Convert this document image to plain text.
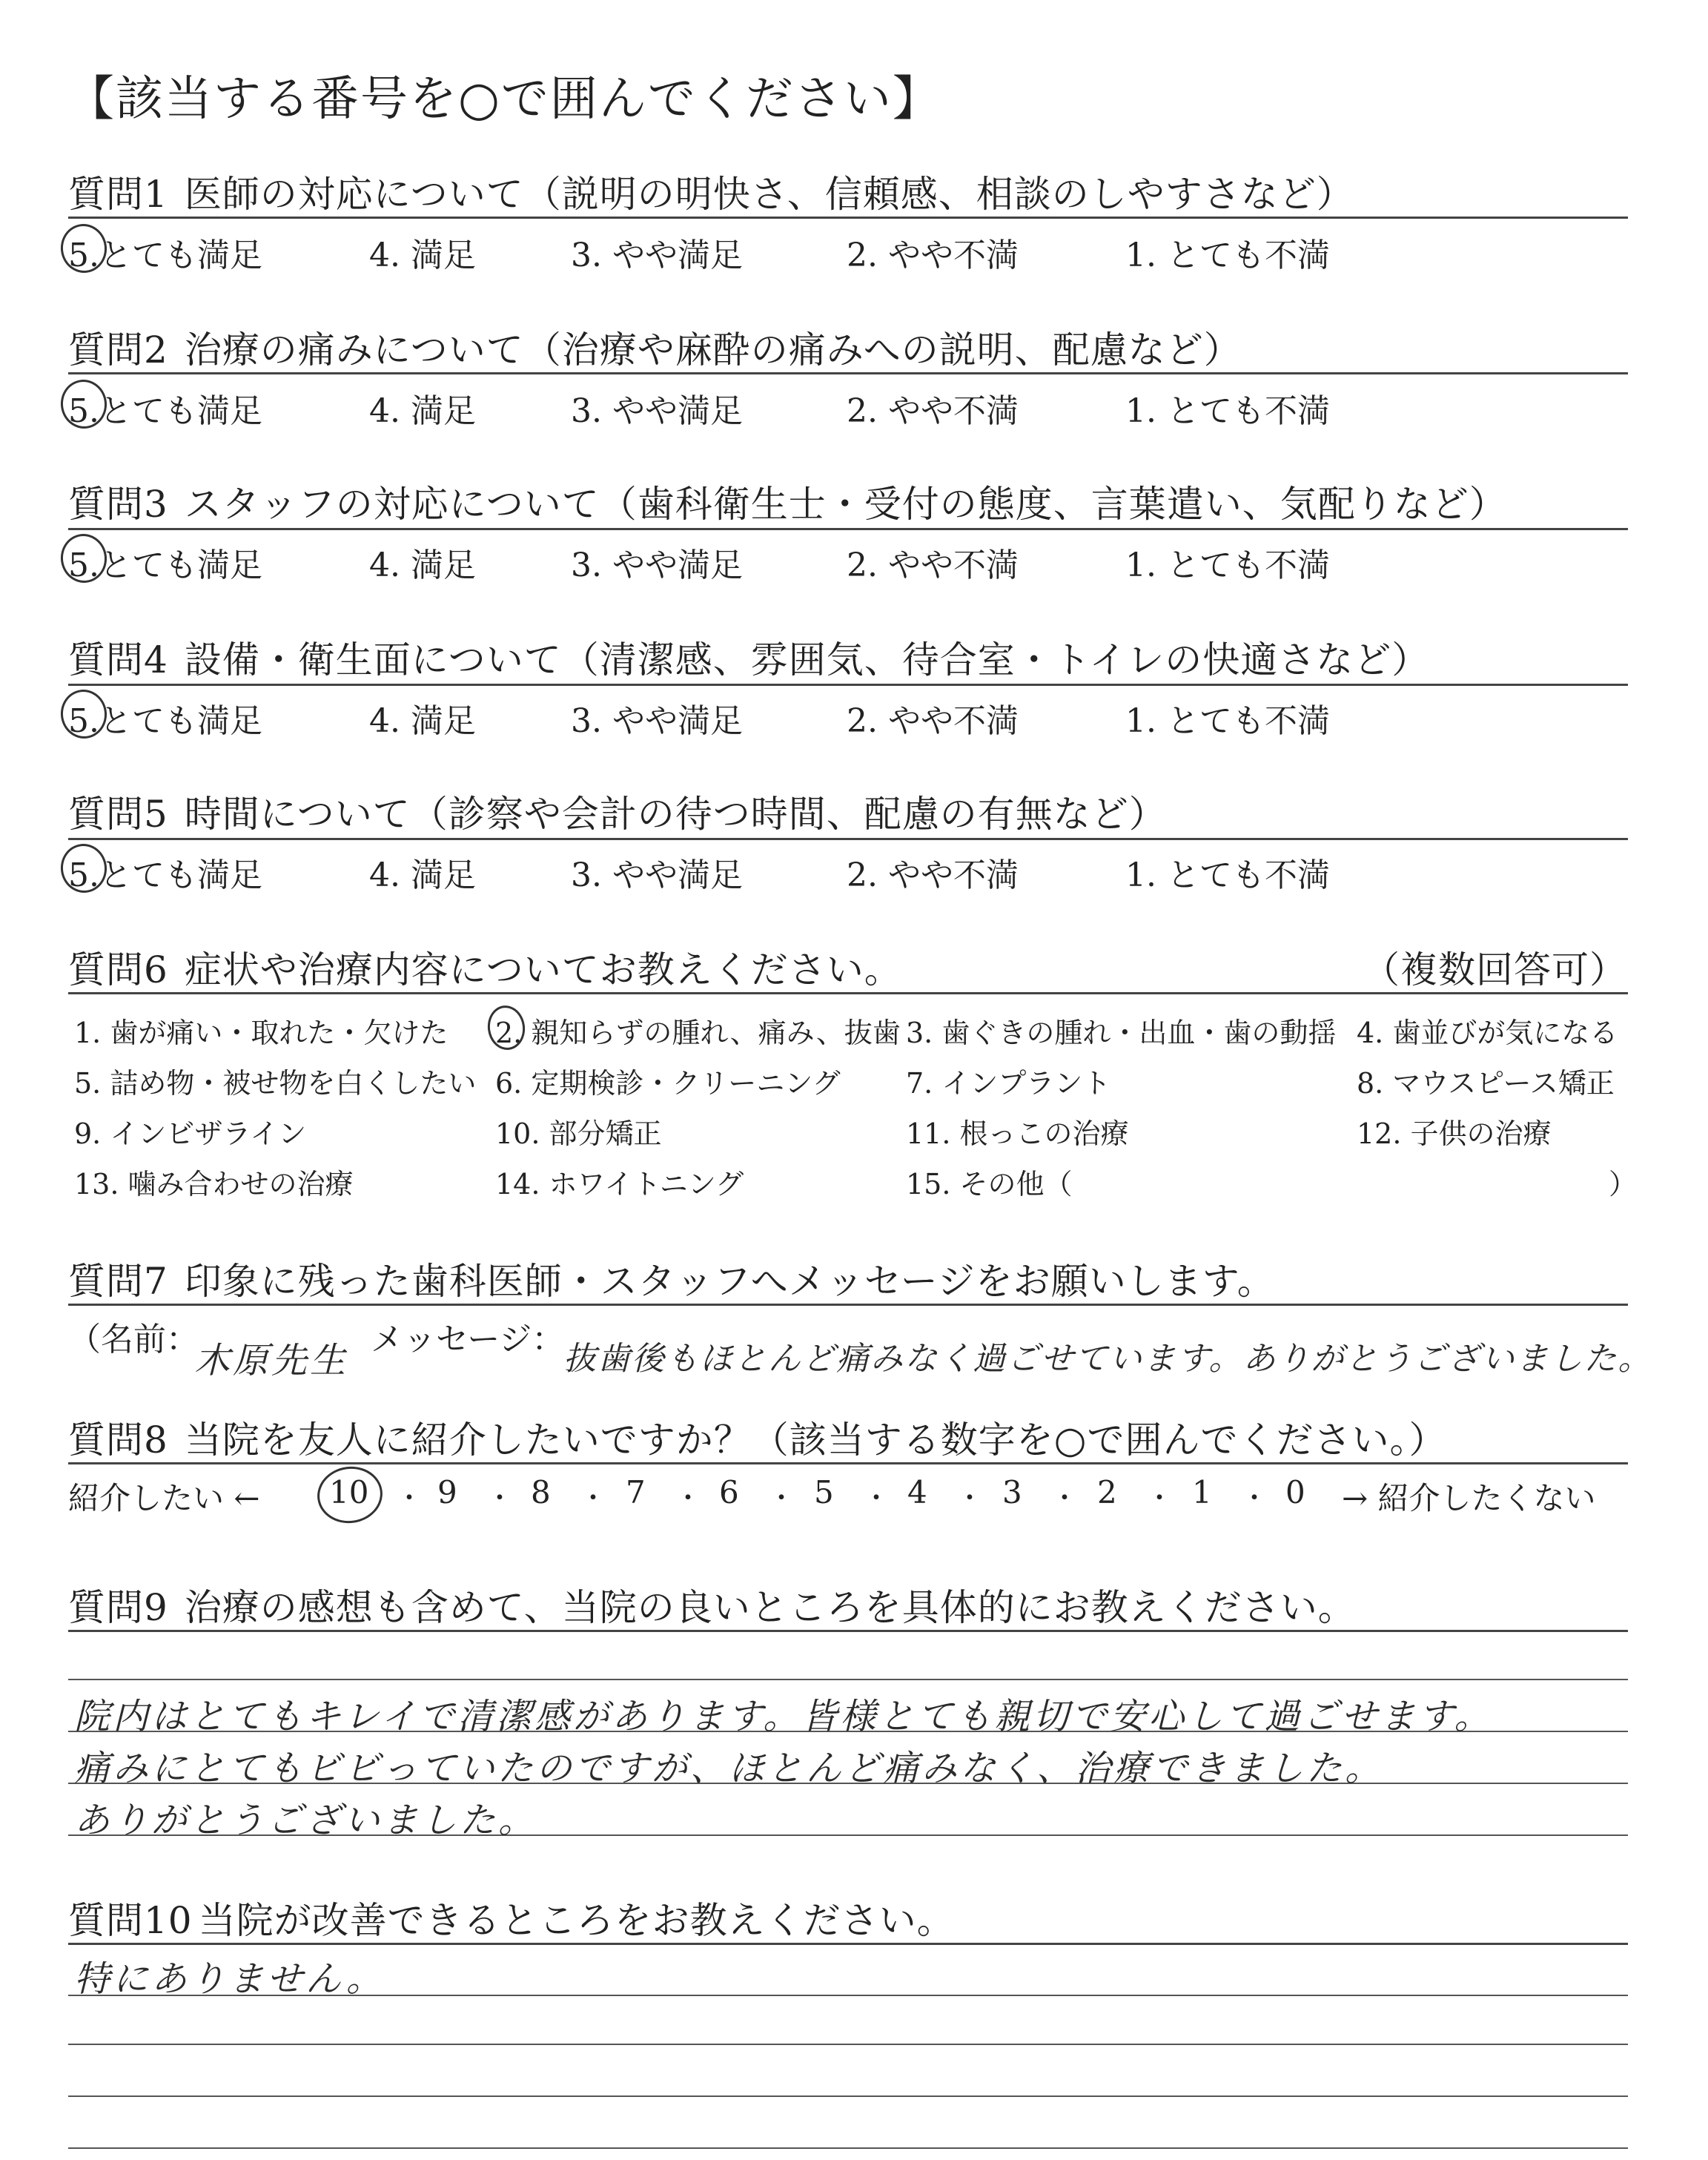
【該当する番号を○で囲んでください】
質問1 医師の対応について（説明の明快さ、信頼感、相談のしやすさなど）
5.とても満足	4. 満足	3. やや満足	2. やや不満	1. とても不満
質問2 治療の痛みについて（治療や麻酔の痛みへの説明、配慮など）
5.とても満足	4. 満足	3. やや満足	2. やや不満	1. とても不満
質問3 スタッフの対応について（歯科衛生士・受付の態度、言葉遣い、気配りなど）
5.とても満足	4. 満足	3. やや満足	2. やや不満	1. とても不満
質問4 設備・衛生面について（清潔感、雰囲気、待合室・トイレの快適さなど）
5.とても満足	4. 満足	3. やや満足	2. やや不満	1. とても不満
質問5 時間について（診察や会計の待つ時間、配慮の有無など）
5.とても満足	4. 満足	3. やや満足	2. やや不満	1. とても不満
質問6 症状や治療内容についてお教えください。	（複数回答可）
1. 歯が痛い・取れた・欠けた 2. 親知らずの腫れ、痛み、抜歯 3. 歯ぐきの腫れ・出血・歯の動揺 4. 歯並びが気になる
5. 詰め物・被せ物を白くしたい 6. 定期検診・クリーニング 7. インプラント	8. マウスピース矯正
9. インビザライン	10. 部分矯正	11. 根っこの治療	12. 子供の治療
13. 噛み合わせの治療	14. ホワイトニング	15. その他（	）
質問7 印象に残った歯科医師・スタッフへメッセージをお願いします。
（名前：
木原先生
メッセージ：
抜歯後もほとんど痛みなく過ごせています。ありがとうございました。
質問8 当院を友人に紹介したいですか？（該当する数字を○で囲んでください。）
紹介したい ← 10 ・ 9 ・ 8 ・ 7 ・ 6 ・ 5 ・ 4 ・ 3 ・ 2 ・ 1 ・ 0 → 紹介したくない
質問9 治療の感想も含めて、当院の良いところを具体的にお教えください。
院内はとてもキレイで清潔感があります。皆様とても親切で安心して過ごせます。
痛みにとてもビビっていたのですが、ほとんど痛みなく、治療できました。
ありがとうございました。
質問10 当院が改善できるところをお教えください。
特にありません。
